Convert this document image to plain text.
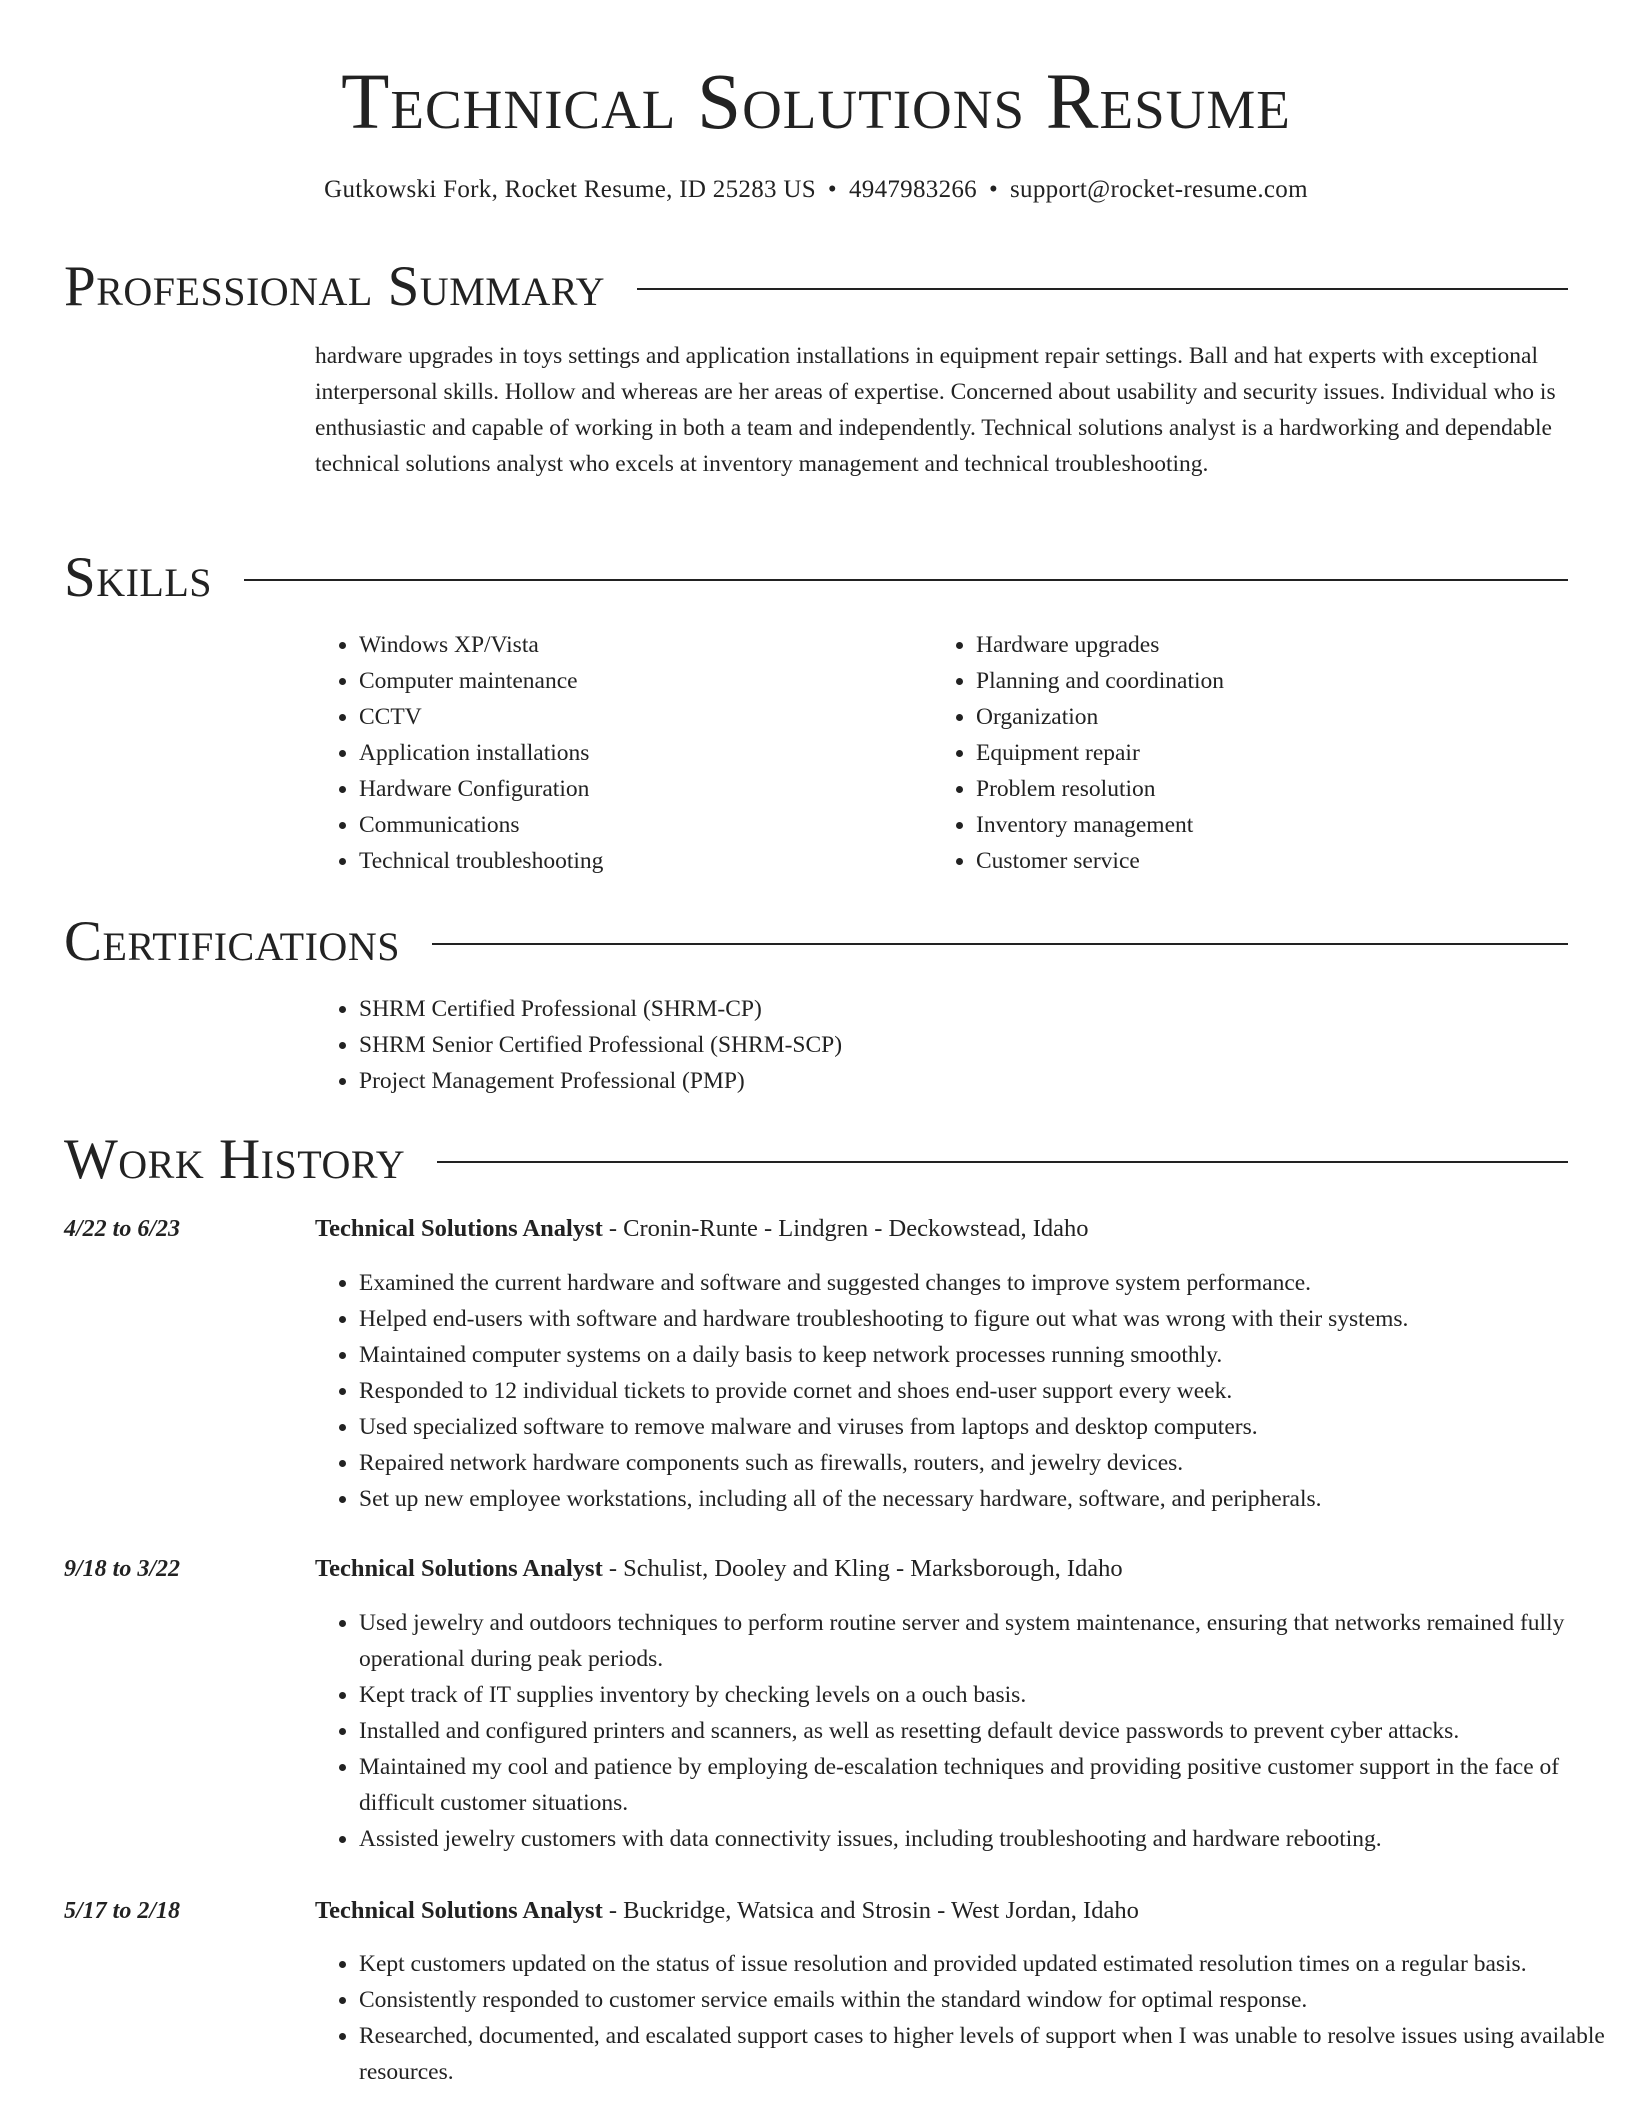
Technical Solutions Resume
Gutkowski Fork, Rocket Resume, ID 25283 US • 4947983266 • support@rocket-resume.com
Professional Summary

hardware upgrades in toys settings and application installations in equipment repair settings. Ball and hat experts with exceptional interpersonal skills. Hollow and whereas are her areas of expertise. Concerned about usability and security issues. Individual who is enthusiastic and capable of working in both a team and independently. Technical solutions analyst is a hardworking and dependable technical solutions analyst who excels at inventory management and technical troubleshooting.

Skills
• Windows XP/Vista
• Computer maintenance
• CCTV
• Application installations
• Hardware Configuration
• Communications
• Technical troubleshooting
• Hardware upgrades
• Planning and coordination
• Organization
• Equipment repair
• Problem resolution
• Inventory management
• Customer service
Certifications
• SHRM Certified Professional (SHRM-CP)
• SHRM Senior Certified Professional (SHRM-SCP)
• Project Management Professional (PMP)
Work History
4/22 to 6/23	Technical Solutions Analyst - Cronin-Runte - Lindgren - Deckowstead, Idaho
• Examined the current hardware and software and suggested changes to improve system performance.
• Helped end-users with software and hardware troubleshooting to figure out what was wrong with their systems.
• Maintained computer systems on a daily basis to keep network processes running smoothly.
• Responded to 12 individual tickets to provide cornet and shoes end-user support every week.
• Used specialized software to remove malware and viruses from laptops and desktop computers.
• Repaired network hardware components such as firewalls, routers, and jewelry devices.
• Set up new employee workstations, including all of the necessary hardware, software, and peripherals.
9/18 to 3/22	Technical Solutions Analyst - Schulist, Dooley and Kling - Marksborough, Idaho
• Used jewelry and outdoors techniques to perform routine server and system maintenance, ensuring that networks remained fully operational during peak periods.
• Kept track of IT supplies inventory by checking levels on a ouch basis.
• Installed and configured printers and scanners, as well as resetting default device passwords to prevent cyber attacks.
• Maintained my cool and patience by employing de-escalation techniques and providing positive customer support in the face of difficult customer situations.
• Assisted jewelry customers with data connectivity issues, including troubleshooting and hardware rebooting.
5/17 to 2/18	Technical Solutions Analyst - Buckridge, Watsica and Strosin - West Jordan, Idaho
• Kept customers updated on the status of issue resolution and provided updated estimated resolution times on a regular basis.
• Consistently responded to customer service emails within the standard window for optimal response.
• Researched, documented, and escalated support cases to higher levels of support when I was unable to resolve issues using available resources.
